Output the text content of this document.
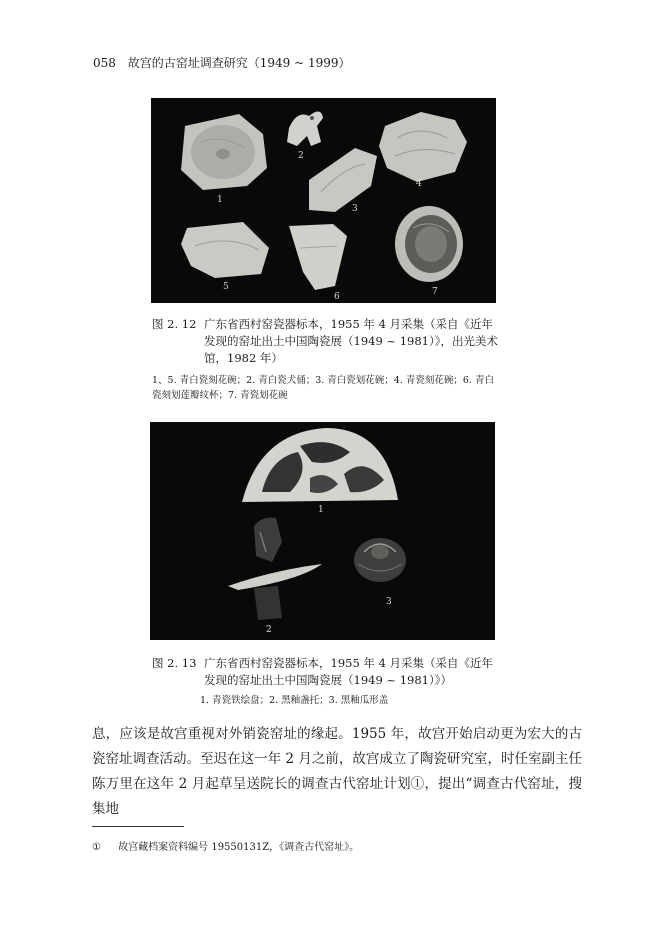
058 故宫的古窑址调查研究（1949 ~ 1999）
1
2
3
4
5
6	7
图 2. 12 广东省西村窑瓷器标本，1955 年 4 月采集（采自《近年发现的窑址出土中国陶瓷展（1949 ~ 1981）》，出光美术馆，1982 年）
1、5. 青白瓷刻花碗；2. 青白瓷犬俑；3. 青白瓷划花碗；4. 青瓷刻花碗；6. 青白瓷刻划莲瓣纹杯；7. 青瓷划花碗
1
2
3
图 2. 13 广东省西村窑瓷器标本，1955 年 4 月采集（采自《近年发现的窑址出土中国陶瓷展（1949 ~ 1981）》）
1. 青瓷铁绘盘；2. 黑釉盏托；3. 黑釉瓜形盖
息，应该是故宫重视对外销瓷窑址的缘起。1955 年，故宫开始启动更为宏大的古瓷窑址调查活动。至迟在这一年 2 月之前，故宫成立了陶瓷研究室，时任室副主任陈万里在这年 2 月起草呈送院长的调查古代窑址计划①，提出“调查古代窑址，搜集地
① 故宫藏档案资料编号 19550131Z，《调查古代窑址》。
